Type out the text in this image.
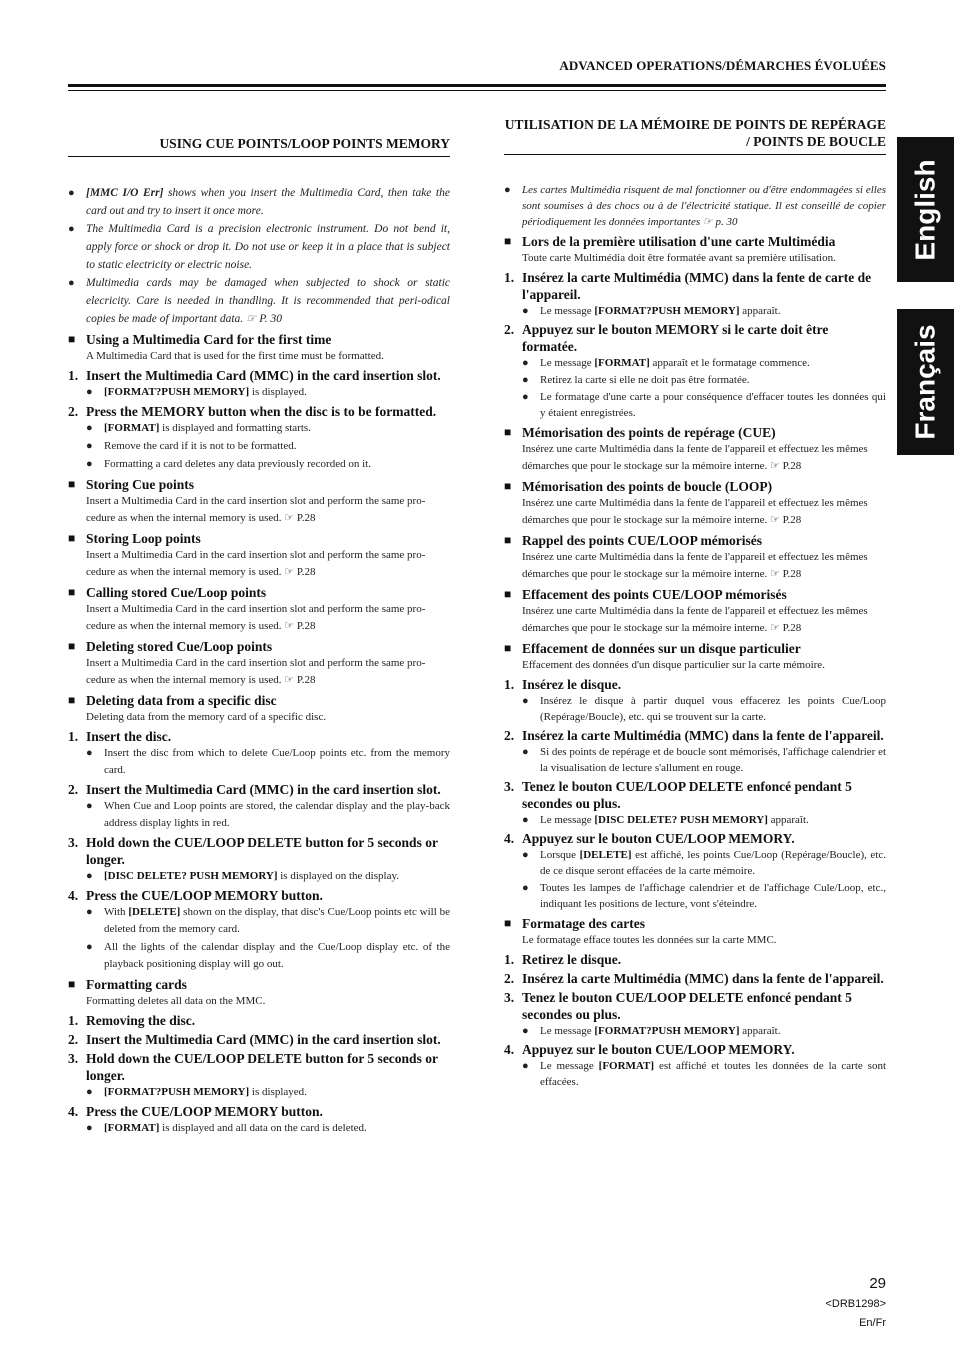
ADVANCED OPERATIONS/DÉMARCHES ÉVOLUÉES
English
Français
USING CUE POINTS/LOOP POINTS MEMORY
● [MMC I/O Err] shows when you insert the Multimedia Card, then take the card out and try to insert it once more.
● The Multimedia Card is a precision electronic instrument. Do not bend it, apply force or shock or drop it. Do not use or keep it in a place that is subject to static electricity or electric noise.
● Multimedia cards may be damaged when subjected to shock or static elecricity. Care is needed in thandling. It is recommended that peri-odical copies be made of important data. ☞ P. 30
■ Using a Multimedia Card for the first time
A Multimedia Card that is used for the first time must be formatted.
1. Insert the Multimedia Card (MMC) in the card insertion slot.
● [FORMAT?PUSH MEMORY] is displayed.
2. Press the MEMORY button when the disc is to be formatted.
● [FORMAT] is displayed and formatting starts.
● Remove the card if it is not to be formatted.
● Formatting a card deletes any data previously recorded on it.
■ Storing Cue points
Insert a Multimedia Card in the card insertion slot and perform the same pro-cedure as when the internal memory is used. ☞ P.28
■ Storing Loop points
Insert a Multimedia Card in the card insertion slot and perform the same pro-cedure as when the internal memory is used. ☞ P.28
■ Calling stored Cue/Loop points
Insert a Multimedia Card in the card insertion slot and perform the same pro-cedure as when the internal memory is used. ☞ P.28
■ Deleting stored Cue/Loop points
Insert a Multimedia Card in the card insertion slot and perform the same pro-cedure as when the internal memory is used. ☞ P.28
■ Deleting data from a specific disc
Deleting data from the memory card of a specific disc.
1. Insert the disc.
● Insert the disc from which to delete Cue/Loop points etc. from the memory card.
2. Insert the Multimedia Card (MMC) in the card insertion slot.
● When Cue and Loop points are stored, the calendar display and the play-back address display lights in red.
3. Hold down the CUE/LOOP DELETE button for 5 seconds or longer.
● [DISC DELETE? PUSH MEMORY] is displayed on the display.
4. Press the CUE/LOOP MEMORY button.
● With [DELETE] shown on the display, that disc's Cue/Loop points etc will be deleted from the memory card.
● All the lights of the calendar display and the Cue/Loop display etc. of the playback positioning display will go out.
■ Formatting cards
Formatting deletes all data on the MMC.
1. Removing the disc.
2. Insert the Multimedia Card (MMC) in the card insertion slot.
3. Hold down the CUE/LOOP DELETE button for 5 seconds or longer.
● [FORMAT?PUSH MEMORY] is displayed.
4. Press the CUE/LOOP MEMORY button.
● [FORMAT] is displayed and all data on the card is deleted.
UTILISATION DE LA MÉMOIRE DE POINTS DE REPÉRAGE / POINTS DE BOUCLE
● Les cartes Multimédia risquent de mal fonctionner ou d'être endommagées si elles sont soumises à des chocs ou à de l'électricité statique. Il est conseillé de copier périodiquement les données importantes ☞ p. 30
■ Lors de la première utilisation d'une carte Multimédia
Toute carte Multimédia doit être formatée avant sa première utilisation.
1. Insérez la carte Multimédia (MMC) dans la fente de carte de l'appareil.
● Le message [FORMAT?PUSH MEMORY] apparaît.
2. Appuyez sur le bouton MEMORY si le carte doit être formatée.
● Le message [FORMAT] apparaît et le formatage commence.
● Retirez la carte si elle ne doit pas être formatée.
● Le formatage d'une carte a pour conséquence d'effacer toutes les données qui y étaient enregistrées.
■ Mémorisation des points de repérage (CUE)
Insérez une carte Multimédia dans la fente de l'appareil et effectuez les mêmes démarches que pour le stockage sur la mémoire interne. ☞ P.28
■ Mémorisation des points de boucle (LOOP)
Insérez une carte Multimédia dans la fente de l'appareil et effectuez les mêmes démarches que pour le stockage sur la mémoire interne. ☞ P.28
■ Rappel des points CUE/LOOP mémorisés
Insérez une carte Multimédia dans la fente de l'appareil et effectuez les mêmes démarches que pour le stockage sur la mémoire interne. ☞ P.28
■ Effacement des points CUE/LOOP mémorisés
Insérez une carte Multimédia dans la fente de l'appareil et effectuez les mêmes démarches que pour le stockage sur la mémoire interne. ☞ P.28
■ Effacement de données sur un disque particulier
Effacement des données d'un disque particulier sur la carte mémoire.
1. Insérez le disque.
● Insérez le disque à partir duquel vous effacerez les points Cue/Loop (Repérage/Boucle), etc. qui se trouvent sur la carte.
2. Insérez la carte Multimédia (MMC) dans la fente de l'appareil.
● Si des points de repérage et de boucle sont mémorisés, l'affichage calendrier et la visualisation de lecture s'allument en rouge.
3. Tenez le bouton CUE/LOOP DELETE enfoncé pendant 5 secondes ou plus.
● Le message [DISC DELETE? PUSH MEMORY] apparaît.
4. Appuyez sur le bouton CUE/LOOP MEMORY.
● Lorsque [DELETE] est affiché, les points Cue/Loop (Repérage/Boucle), etc. de ce disque seront effacées de la carte mémoire.
● Toutes les lampes de l'affichage calendrier et de l'affichage Cule/Loop, etc., indiquant les positions de lecture, vont s'éteindre.
■ Formatage des cartes
Le formatage efface toutes les données sur la carte MMC.
1. Retirez le disque.
2. Insérez la carte Multimédia (MMC) dans la fente de l'appareil.
3. Tenez le bouton CUE/LOOP DELETE enfoncé pendant 5 secondes ou plus.
● Le message [FORMAT?PUSH MEMORY] apparaît.
4. Appuyez sur le bouton CUE/LOOP MEMORY.
● Le message [FORMAT] est affiché et toutes les données de la carte sont effacées.
29
<DRB1298>
En/Fr
